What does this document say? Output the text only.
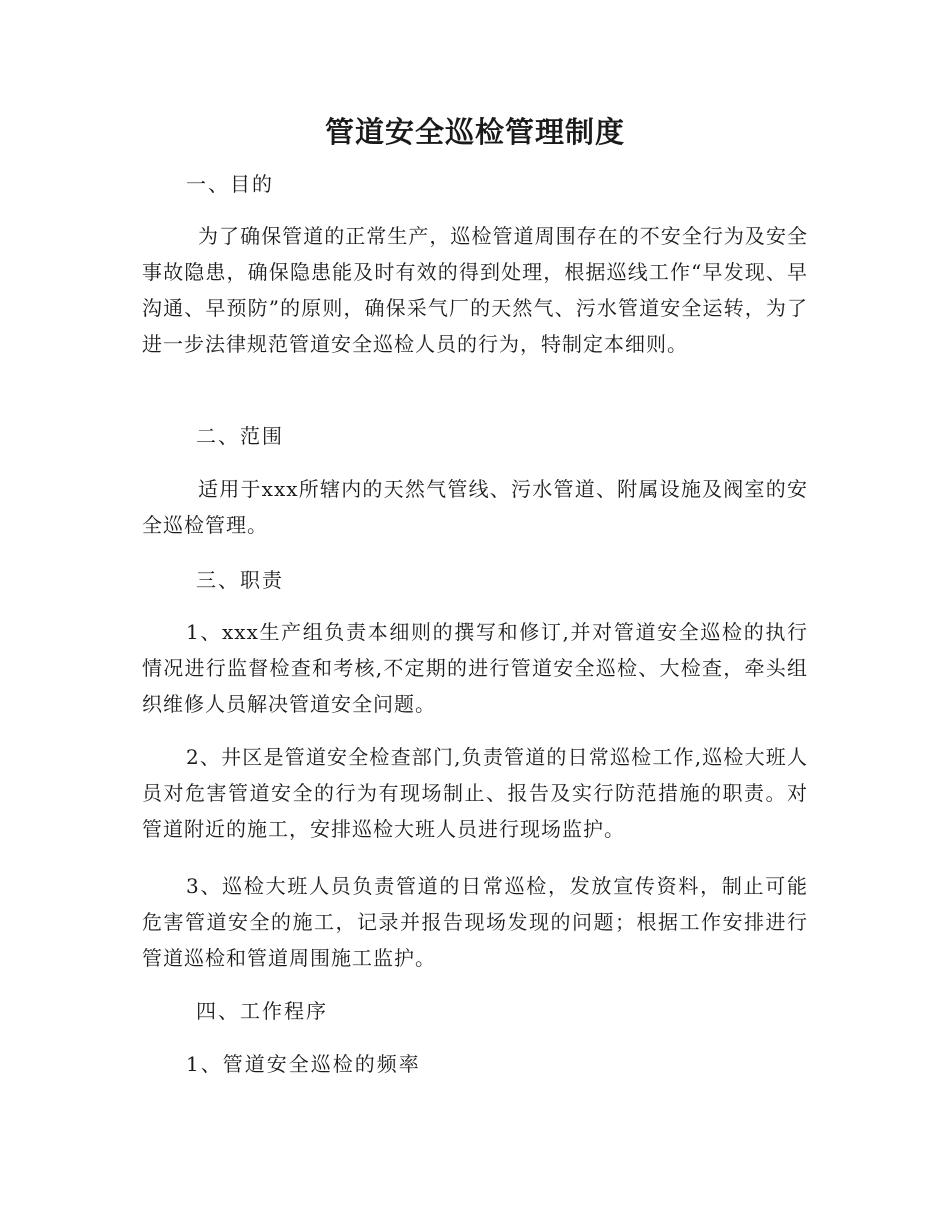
管道安全巡检管理制度
一、目的
为了确保管道的正常生产，巡检管道周围存在的不安全行为及安全事故隐患，确保隐患能及时有效的得到处理，根据巡线工作“早发现、早沟通、早预防”的原则，确保采气厂的天然气、污水管道安全运转，为了进一步法律规范管道安全巡检人员的行为，特制定本细则。
二、范围
适用于xxx所辖内的天然气管线、污水管道、附属设施及阀室的安全巡检管理。
三、职责
1、xxx生产组负责本细则的撰写和修订,并对管道安全巡检的执行情况进行监督检查和考核,不定期的进行管道安全巡检、大检查，牵头组织维修人员解决管道安全问题。
2、井区是管道安全检查部门,负责管道的日常巡检工作,巡检大班人员对危害管道安全的行为有现场制止、报告及实行防范措施的职责。对管道附近的施工，安排巡检大班人员进行现场监护。
3、巡检大班人员负责管道的日常巡检，发放宣传资料，制止可能危害管道安全的施工，记录并报告现场发现的问题；根据工作安排进行管道巡检和管道周围施工监护。
四、工作程序
1、管道安全巡检的频率
